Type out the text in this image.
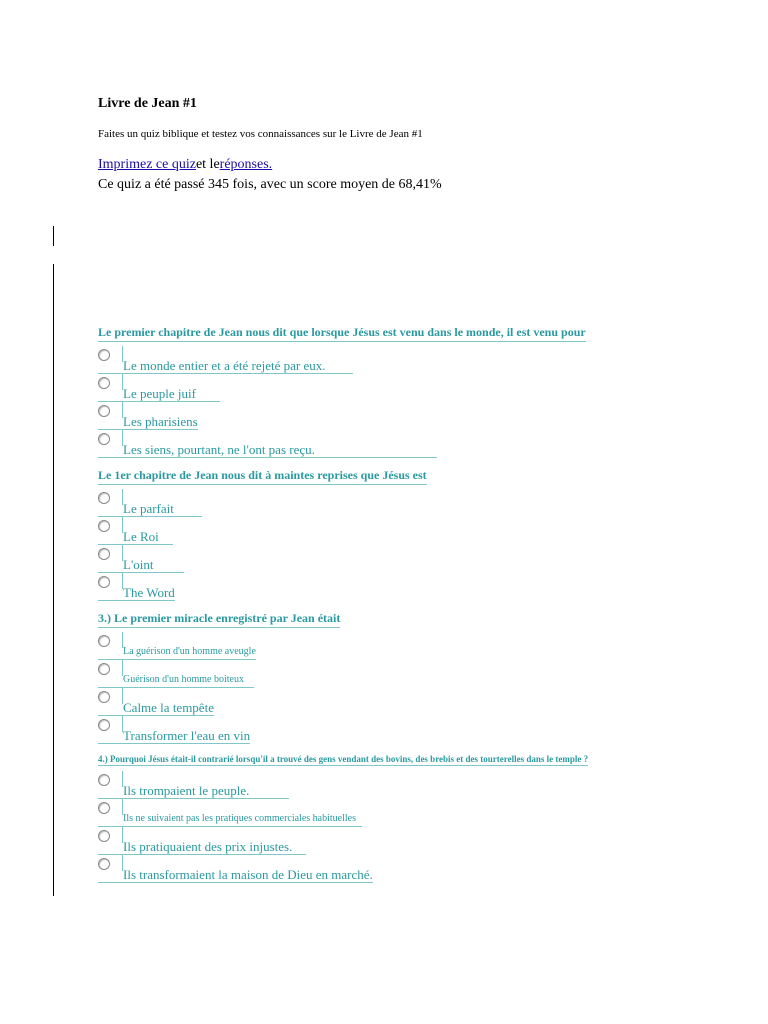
Livre de Jean #1
Faites un quiz biblique et testez vos connaissances sur le Livre de Jean #1
Imprimez ce quizet leréponses.
Ce quiz a été passé 345 fois, avec un score moyen de 68,41%
Le premier chapitre de Jean nous dit que lorsque Jésus est venu dans le monde, il est venu pour
Le monde entier et a été rejeté par eux.
Le peuple juif
Les pharisiens
Les siens, pourtant, ne l'ont pas reçu.
Le 1er chapitre de Jean nous dit à maintes reprises que Jésus est
Le parfait
Le Roi
L'oint
The Word
3.) Le premier miracle enregistré par Jean était
La guérison d'un homme aveugle
Guérison d'un homme boiteux
Calme la tempête
Transformer l'eau en vin
4.) Pourquoi Jésus était-il contrarié lorsqu'il a trouvé des gens vendant des bovins, des brebis et des tourterelles dans le temple ?
Ils trompaient le peuple.
Ils ne suivaient pas les pratiques commerciales habituelles
Ils pratiquaient des prix injustes.
Ils transformaient la maison de Dieu en marché.
